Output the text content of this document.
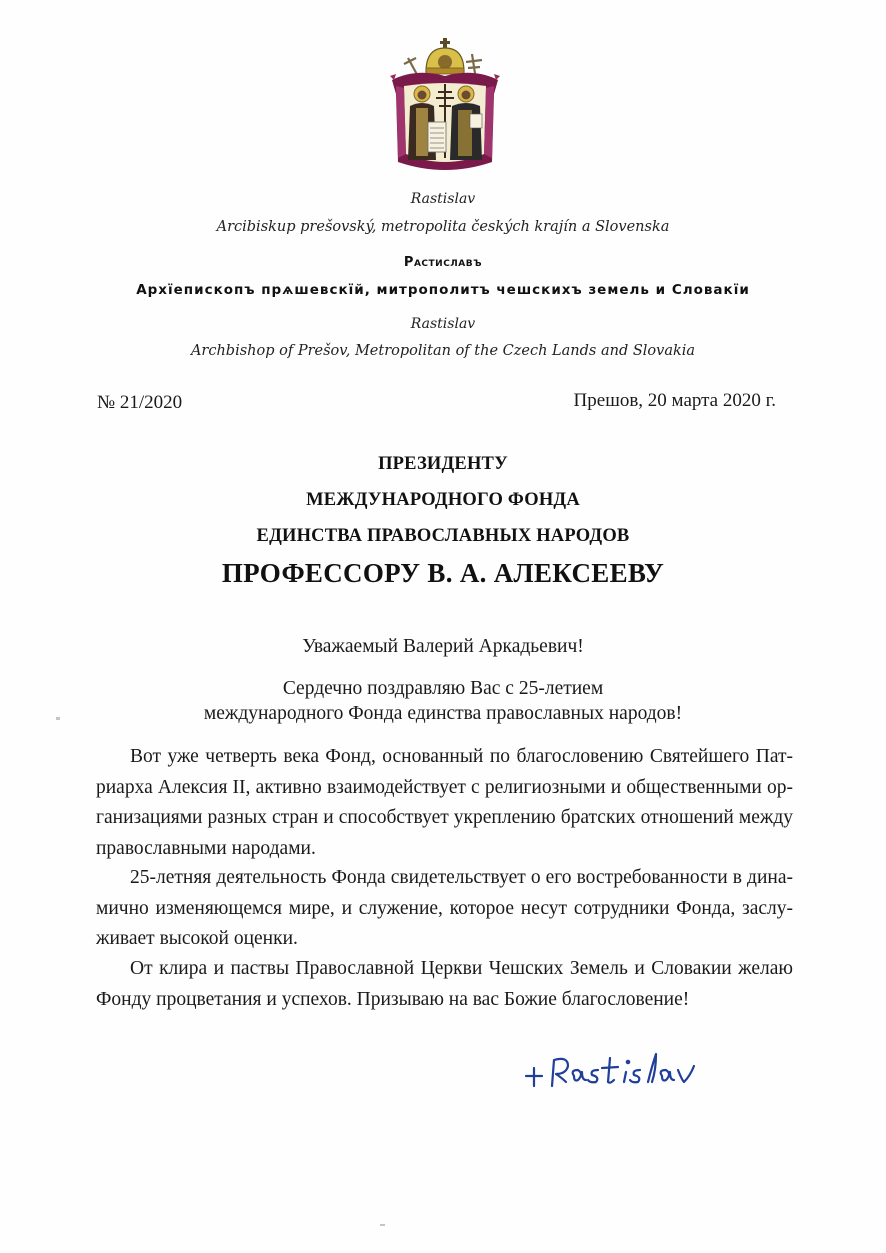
Rastislav
Arcibiskup prešovský, metropolita českých krajín a Slovenska
Растиславъ
Архїепископъ прѧшевскїй, митрополитъ чешскихъ земель и Словакїи
Rastislav
Archbishop of Prešov, Metropolitan of the Czech Lands and Slovakia
№ 21/2020	Прешов, 20 марта 2020 г.
ПРЕЗИДЕНТУ
МЕЖДУНАРОДНОГО ФОНДА
ЕДИНСТВА ПРАВОСЛАВНЫХ НАРОДОВ
ПРОФЕССОРУ В. А. АЛЕКСЕЕВУ
Уважаемый Валерий Аркадьевич!
Сердечно поздравляю Вас с 25-летием
международного Фонда единства православных народов!
Вот уже четверть века Фонд, основанный по благословению Святейшего Пат-
риарха Алексия II, активно взаимодействует с религиозными и общественными ор-
ганизациями разных стран и способствует укреплению братских отношений между
православными народами.
25-летняя деятельность Фонда свидетельствует о его востребованности в дина-
мично изменяющемся мире, и служение, которое несут сотрудники Фонда, заслу-
живает высокой оценки.
От клира и паствы Православной Церкви Чешских Земель и Словакии желаю
Фонду процветания и успехов. Призываю на вас Божие благословение!
